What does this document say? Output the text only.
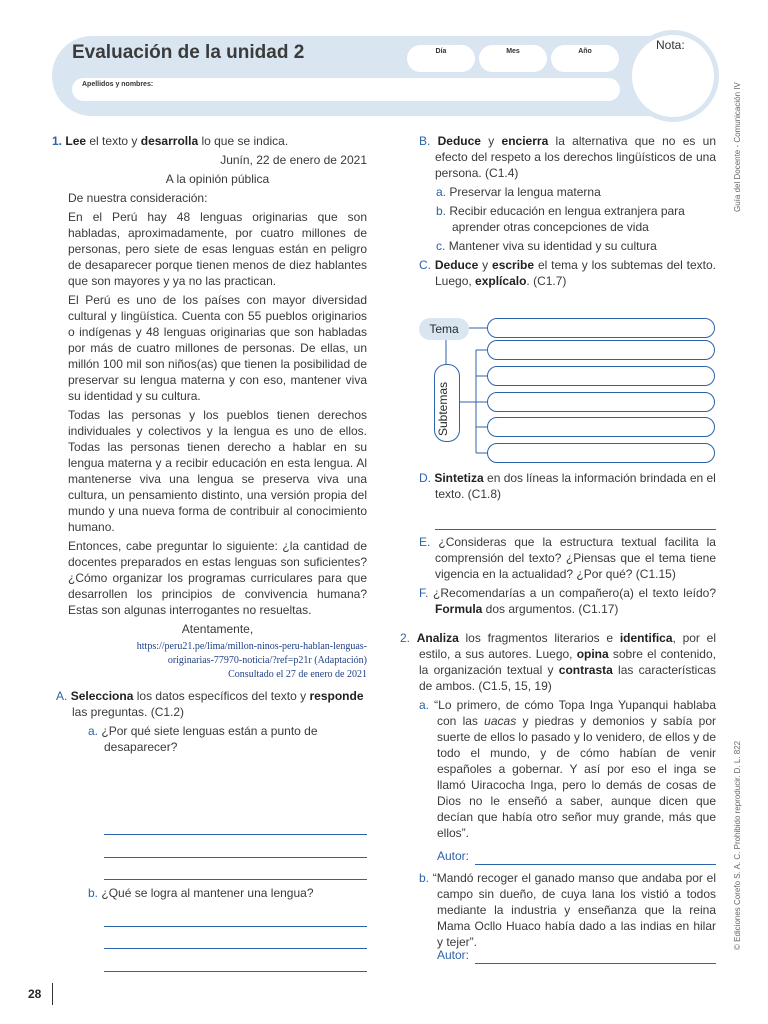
Evaluación de la unidad 2	Día	Mes	Año
Apellidos y nombres:
Nota:
Guía del Docente - Comunicación IV
© Ediciones Corefo S. A. C. Prohibido reproducir. D. L. 822
28

1. Lee el texto y desarrolla lo que se indica.

Junín, 22 de enero de 2021

A la opinión pública

De nuestra consideración:

En el Perú hay 48 lenguas originarias que son habladas, aproximadamente, por cuatro millones de personas, pero siete de esas lenguas están en peligro de desaparecer porque tienen menos de diez hablantes que son mayores y ya no las practican.

El Perú es uno de los países con mayor diversidad cultural y lingüística. Cuenta con 55 pueblos originarios o indígenas y 48 lenguas originarias que son habladas por más de cuatro millones de personas. De ellas, un millón 100 mil son niños(as) que tienen la posibilidad de preservar su lengua materna y con eso, mantener viva su identidad y su cultura.

Todas las personas y los pueblos tienen derechos individuales y colectivos y la lengua es uno de ellos. Todas las personas tienen derecho a hablar en su lengua materna y a recibir educación en esta lengua. Al mantenerse viva una lengua se preserva viva una cultura, un pensamiento distinto, una versión propia del mundo y una nueva forma de contribuir al conocimiento humano.

Entonces, cabe preguntar lo siguiente: ¿la cantidad de docentes preparados en estas lenguas son suficientes? ¿Cómo organizar los programas curriculares para que desarrollen los principios de convivencia humana? Estas son algunas interrogantes no resueltas.

Atentamente,

https://peru21.pe/lima/millon-ninos-peru-hablan-lenguas-originarias-77970-noticia/?ref=p21r (Adaptación)
Consultado el 27 de enero de 2021

A. Selecciona los datos específicos del texto y responde las preguntas. (C1.2)

a. ¿Por qué siete lenguas están a punto de desaparecer?

b. ¿Qué se logra al mantener una lengua?

B. Deduce y encierra la alternativa que no es un efecto del respeto a los derechos lingüísticos de una persona. (C1.4)

a. Preservar la lengua materna

b. Recibir educación en lengua extranjera para aprender otras concepciones de vida

c. Mantener viva su identidad y su cultura

C. Deduce y escribe el tema y los subtemas del texto. Luego, explícalo. (C1.7)

Tema
Subtemas

D. Sintetiza en dos líneas la información brindada en el texto. (C1.8)

E. ¿Consideras que la estructura textual facilita la comprensión del texto? ¿Piensas que el tema tiene vigencia en la actualidad? ¿Por qué? (C1.15)

F. ¿Recomendarías a un compañero(a) el texto leído? Formula dos argumentos. (C1.17)

2. Analiza los fragmentos literarios e identifica, por el estilo, a sus autores. Luego, opina sobre el contenido, la organización textual y contrasta las características de ambos. (C1.5, 15, 19)

a. “Lo primero, de cómo Topa Inga Yupanqui hablaba con las uacas y piedras y demonios y sabía por suerte de ellos lo pasado y lo venidero, de ellos y de todo el mundo, y de cómo habían de venir españoles a gobernar. Y así por eso el inga se llamó Uiracocha Inga, pero lo demás de cosas de Dios no le enseñó a saber, aunque dicen que decían que había otro señor muy grande, más que ellos”.

Autor:

b. “Mandó recoger el ganado manso que andaba por el campo sin dueño, de cuya lana los vistió a todos mediante la industria y enseñanza que la reina Mama Ocllo Huaco había dado a las indias en hilar y tejer”.

Autor:
